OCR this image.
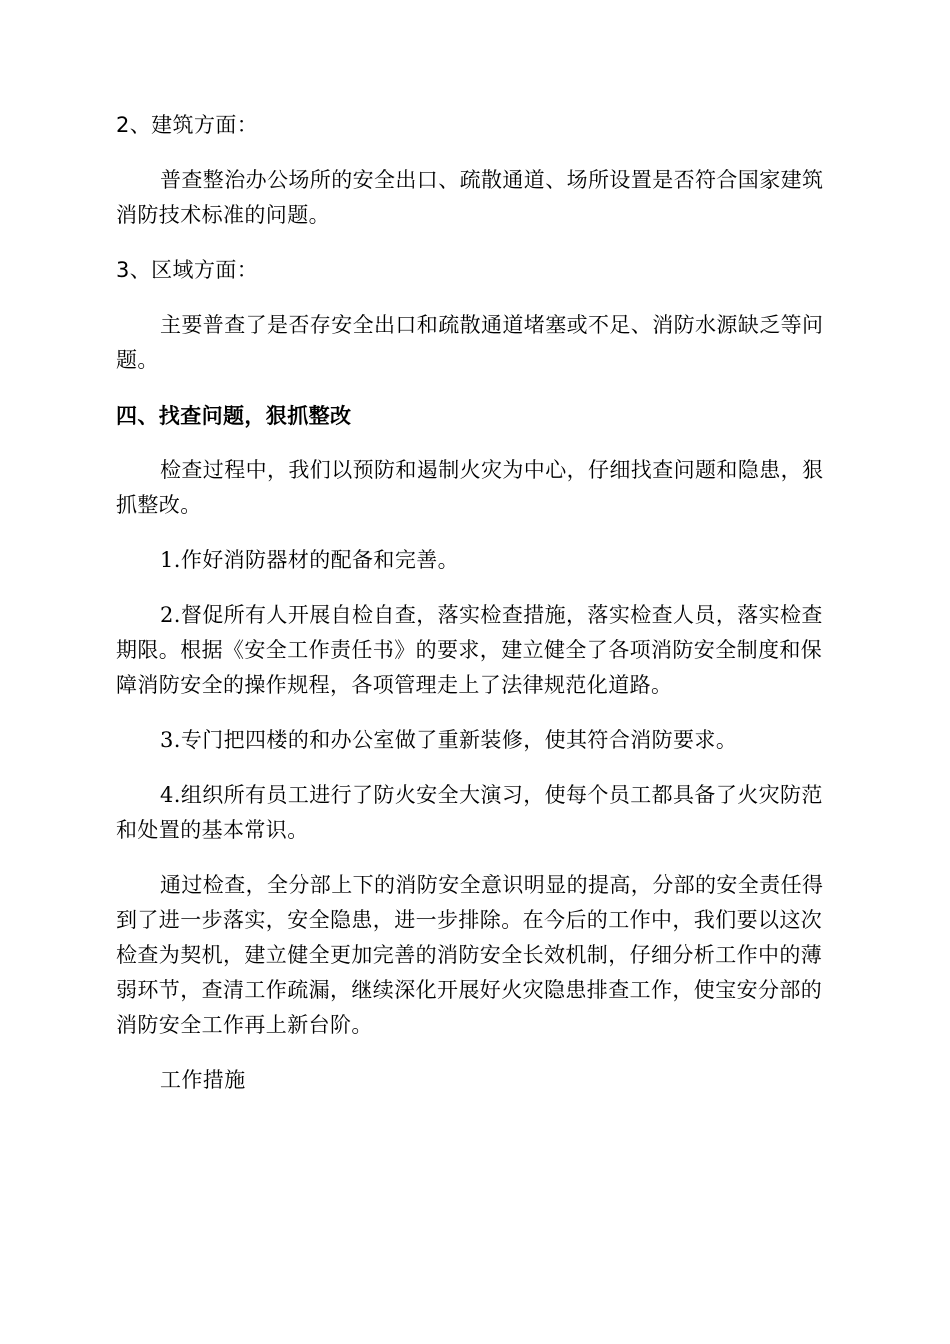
2、建筑方面：

普查整治办公场所的安全出口、疏散通道、场所设置是否符合国家建筑消防技术标准的问题。

3、区域方面：

主要普查了是否存安全出口和疏散通道堵塞或不足、消防水源缺乏等问题。

四、找查问题，狠抓整改

检查过程中，我们以预防和遏制火灾为中心，仔细找查问题和隐患，狠抓整改。

1.作好消防器材的配备和完善。

2.督促所有人开展自检自查，落实检查措施，落实检查人员，落实检查期限。根据《安全工作责任书》的要求，建立健全了各项消防安全制度和保障消防安全的操作规程，各项管理走上了法律规范化道路。

3.专门把四楼的和办公室做了重新装修，使其符合消防要求。

4.组织所有员工进行了防火安全大演习，使每个员工都具备了火灾防范和处置的基本常识。

通过检查，全分部上下的消防安全意识明显的提高，分部的安全责任得到了进一步落实，安全隐患，进一步排除。在今后的工作中，我们要以这次检查为契机，建立健全更加完善的消防安全长效机制，仔细分析工作中的薄弱环节，查清工作疏漏，继续深化开展好火灾隐患排查工作，使宝安分部的消防安全工作再上新台阶。

工作措施
